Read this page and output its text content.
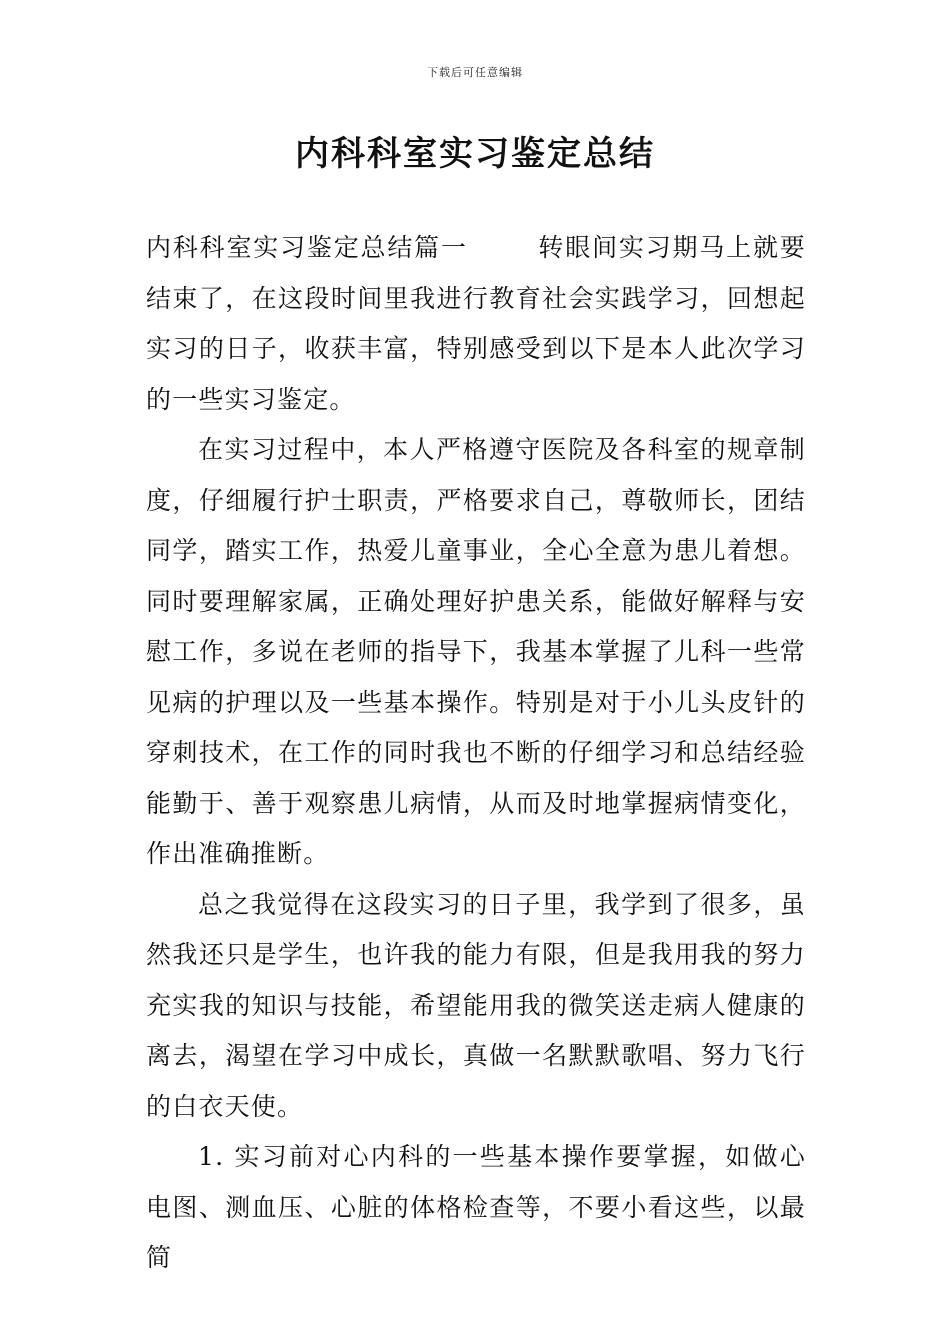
下载后可任意编辑
内科科室实习鉴定总结

内科科室实习鉴定总结篇一	转眼间实习期马上就要结束了，在这段时间里我进行教育社会实践学习，回想起实习的日子，收获丰富，特别感受到以下是本人此次学习的一些实习鉴定。

在实习过程中，本人严格遵守医院及各科室的规章制度，仔细履行护士职责，严格要求自己，尊敬师长，团结同学，踏实工作，热爱儿童事业，全心全意为患儿着想。同时要理解家属，正确处理好护患关系，能做好解释与安慰工作，多说在老师的指导下，我基本掌握了儿科一些常见病的护理以及一些基本操作。特别是对于小儿头皮针的穿刺技术，在工作的同时我也不断的仔细学习和总结经验能勤于、善于观察患儿病情，从而及时地掌握病情变化，作出准确推断。

总之我觉得在这段实习的日子里，我学到了很多，虽然我还只是学生，也许我的能力有限，但是我用我的努力充实我的知识与技能，希望能用我的微笑送走病人健康的离去，渴望在学习中成长，真做一名默默歌唱、努力飞行的白衣天使。

1. 实习前对心内科的一些基本操作要掌握，如做心电图、测血压、心脏的体格检查等，不要小看这些，以最简
